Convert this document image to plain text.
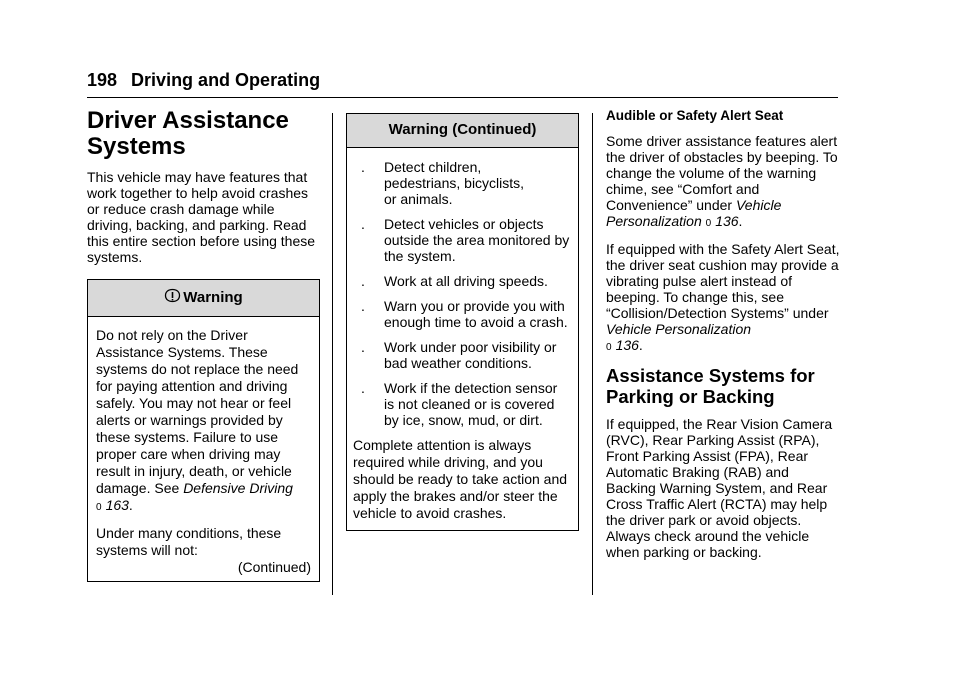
198 Driving and Operating
Driver Assistance
Systems

This vehicle may have features that work together to help avoid crashes or reduce crash damage while driving, backing, and parking. Read this entire section before using these systems.

Warning

Do not rely on the Driver Assistance Systems. These systems do not replace the need for paying attention and driving safely. You may not hear or feel alerts or warnings provided by these systems. Failure to use proper care when driving may result in injury, death, or vehicle damage. See Defensive Driving
0 163.

Under many conditions, these systems will not:

(Continued)
Warning (Continued)
. Detect children, pedestrians, bicyclists, or animals.
. Detect vehicles or objects outside the area monitored by the system.
. Work at all driving speeds.
. Warn you or provide you with enough time to avoid a crash.
. Work under poor visibility or bad weather conditions.
. Work if the detection sensor is not cleaned or is covered by ice, snow, mud, or dirt.

Complete attention is always required while driving, and you should be ready to take action and apply the brakes and/or steer the vehicle to avoid crashes.

Audible or Safety Alert Seat

Some driver assistance features alert the driver of obstacles by beeping. To change the volume of the warning chime, see “Comfort and Convenience” under Vehicle Personalization 0 136.

If equipped with the Safety Alert Seat, the driver seat cushion may provide a vibrating pulse alert instead of beeping. To change this, see “Collision/Detection Systems” under Vehicle Personalization
0 136.

Assistance Systems for
Parking or Backing

If equipped, the Rear Vision Camera (RVC), Rear Parking Assist (RPA), Front Parking Assist (FPA), Rear Automatic Braking (RAB) and Backing Warning System, and Rear Cross Traffic Alert (RCTA) may help the driver park or avoid objects. Always check around the vehicle when parking or backing.
